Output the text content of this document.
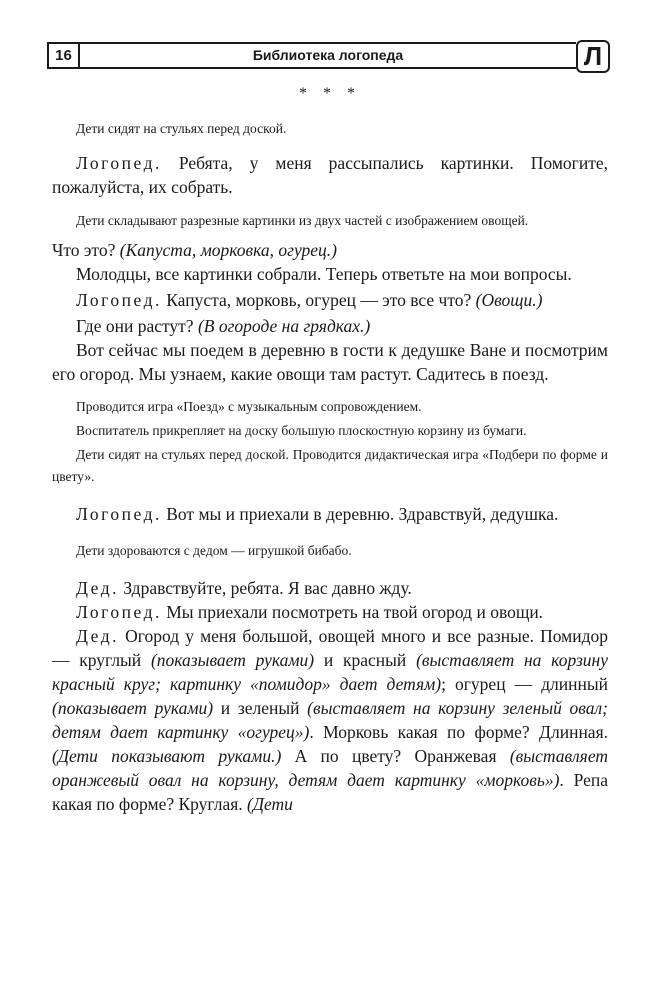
16	Библиотека логопеда	Л
* * *

Дети сидят на стульях перед доской.

Логопед. Ребята, у меня рассыпались картинки. Помогите, пожалуйста, их собрать.

Дети складывают разрезные картинки из двух частей с изображением овощей.

Что это? (Капуста, морковка, огурец.)

Молодцы, все картинки собрали. Теперь ответьте на мои вопросы.

Логопед. Капуста, морковь, огурец — это все что? (Овощи.)

Где они растут? (В огороде на грядках.)

Вот сейчас мы поедем в деревню в гости к дедушке Ване и посмотрим его огород. Мы узнаем, какие овощи там растут. Садитесь в поезд.

Проводится игра «Поезд» с музыкальным сопровождением.

Воспитатель прикрепляет на доску большую плоскостную корзину из бумаги.

Дети сидят на стульях перед доской. Проводится дидактическая игра «Подбери по форме и цвету».

Логопед. Вот мы и приехали в деревню. Здравствуй, дедушка.

Дети здороваются с дедом — игрушкой бибабо.

Дед. Здравствуйте, ребята. Я вас давно жду.

Логопед. Мы приехали посмотреть на твой огород и овощи.

Дед. Огород у меня большой, овощей много и все разные. Помидор — круглый (показывает руками) и красный (выставляет на корзину красный круг; картинку «помидор» дает детям); огурец — длинный (показывает руками) и зеленый (выставляет на корзину зеленый овал; детям дает картинку «огурец»). Морковь какая по форме? Длинная. (Дети показывают руками.) А по цвету? Оранжевая (выставляет оранжевый овал на корзину, детям дает картинку «морковь»). Репа какая по форме? Круглая. (Дети
